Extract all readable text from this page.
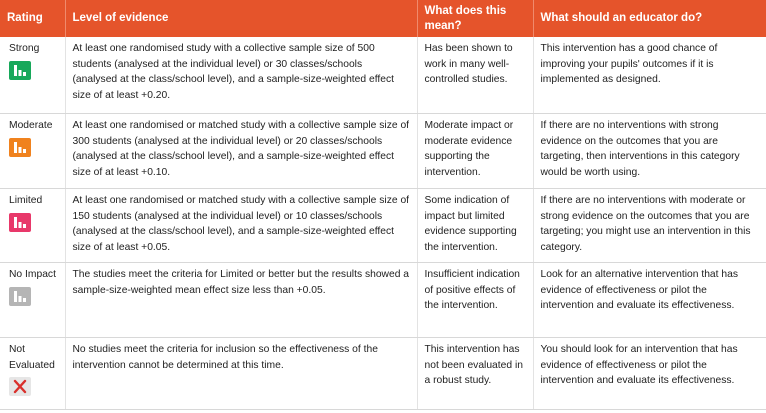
Rating	Level of evidence	What does this mean?	What should an educator do?

Strong	At least one randomised study with a collective sample size of 500 students (analysed at the individual level) or 30 classes/schools (analysed at the class/school level), and a sample-size-weighted effect size of at least +0.20.	Has been shown to work in many well-controlled studies.	This intervention has a good chance of improving your pupils' outcomes if it is implemented as designed.

Moderate	At least one randomised or matched study with a collective sample size of 300 students (analysed at the individual level) or 20 classes/schools (analysed at the class/school level), and a sample-size-weighted effect size of at least +0.10.	Moderate impact or moderate evidence supporting the intervention.	If there are no interventions with strong evidence on the outcomes that you are targeting, then interventions in this category would be worth using.

Limited	At least one randomised or matched study with a collective sample size of 150 students (analysed at the individual level) or 10 classes/schools (analysed at the class/school level), and a sample-size-weighted effect size of at least +0.05.	Some indication of impact but limited evidence supporting the intervention.	If there are no interventions with moderate or strong evidence on the outcomes that you are targeting; you might use an intervention in this category.

No Impact	The studies meet the criteria for Limited or better but the results showed a sample-size-weighted mean effect size less than +0.05.	Insufficient indication of positive effects of the intervention.	Look for an alternative intervention that has evidence of effectiveness or pilot the intervention and evaluate its effectiveness.

Not Evaluated	No studies meet the criteria for inclusion so the effectiveness of the intervention cannot be determined at this time.	This intervention has not been evaluated in a robust study.	You should look for an intervention that has evidence of effectiveness or pilot the intervention and evaluate its effectiveness.
